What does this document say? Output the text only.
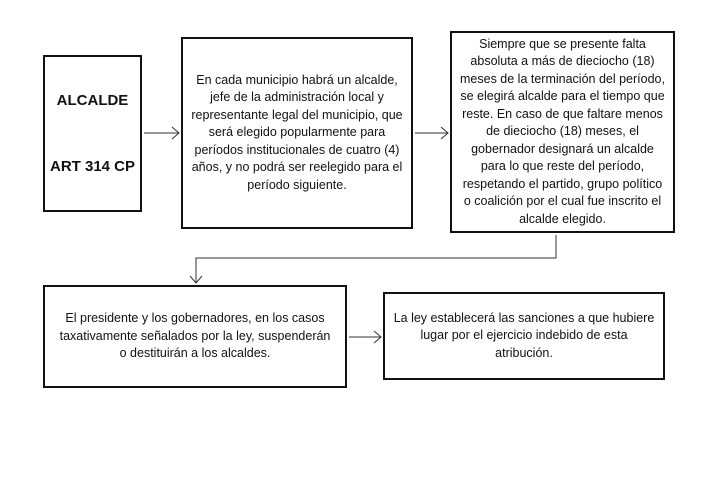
ALCALDE

ART 314 CP

En cada municipio habrá un alcalde, jefe de la administración local y representante legal del municipio, que será elegido popularmente para períodos institucionales de cuatro (4) años, y no podrá ser reelegido para el período siguiente.

Siempre que se presente falta absoluta a más de dieciocho (18) meses de la terminación del período, se elegirá alcalde para el tiempo que reste. En caso de que faltare menos de dieciocho (18) meses, el gobernador designará un alcalde para lo que reste del período, respetando el partido, grupo político o coalición por el cual fue inscrito el alcalde elegido.

El presidente y los gobernadores, en los casos taxativamente señalados por la ley, suspenderán o destituirán a los alcaldes.

La ley establecerá las sanciones a que hubiere lugar por el ejercicio indebido de esta atribución.
